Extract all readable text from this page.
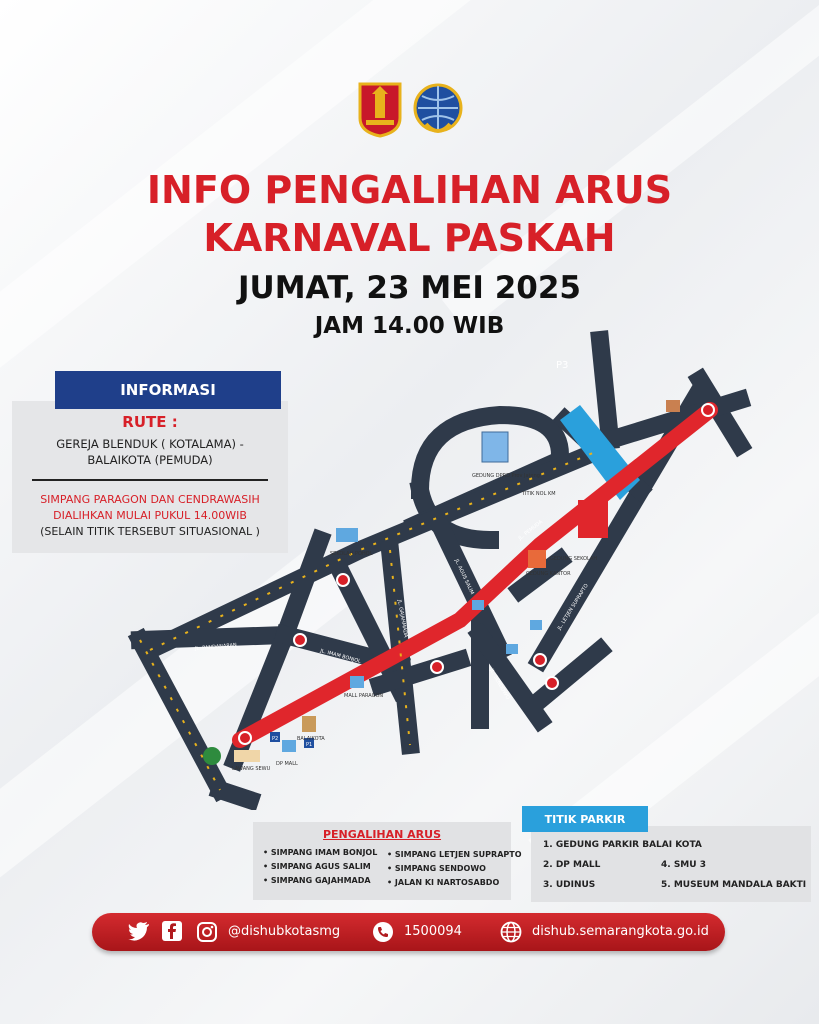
INFO PENGALIHAN ARUS
KARNAVAL PASKAH
JUMAT, 23 MEI 2025
JAM 14.00 WIB
GEDUNG DPRD Prov Jateng
TITIK NOL KM
SEKOLAH POHOL
GEDUNG SEKOLAH
GEDUNG KANTOR
MALL PARAGON
DP MALL
BALAIKOTA
LAWANG SEWU
P1
P2
P3
JL. PEMUDA
JL. PANDANARAN
JL. IMAM BONJOL
JL. GAJAHMADA
JL. AGUS SALIM
JL. LETJEN SUPRAPTO
JL. SENDOWO
RUTE :
GEREJA BLENDUK ( KOTALAMA) -
BALAIKOTA (PEMUDA)
SIMPANG PARAGON DAN CENDRAWASIH
DIALIHKAN MULAI PUKUL 14.00WIB
(SELAIN TITIK TERSEBUT SITUASIONAL )
INFORMASI
PENGALIHAN ARUS
• SIMPANG IMAM BONJOL
• SIMPANG AGUS SALIM
• SIMPANG GAJAHMADA
• SIMPANG LETJEN SUPRAPTO
• SIMPANG SENDOWO
• JALAN KI NARTOSABDO
1. GEDUNG PARKIR BALAI KOTA
2. DP MALL
3. UDINUS
4. SMU 3
5. MUSEUM MANDALA BAKTI
TITIK PARKIR
@dishubkotasmg	1500094	dishub.semarangkota.go.id
